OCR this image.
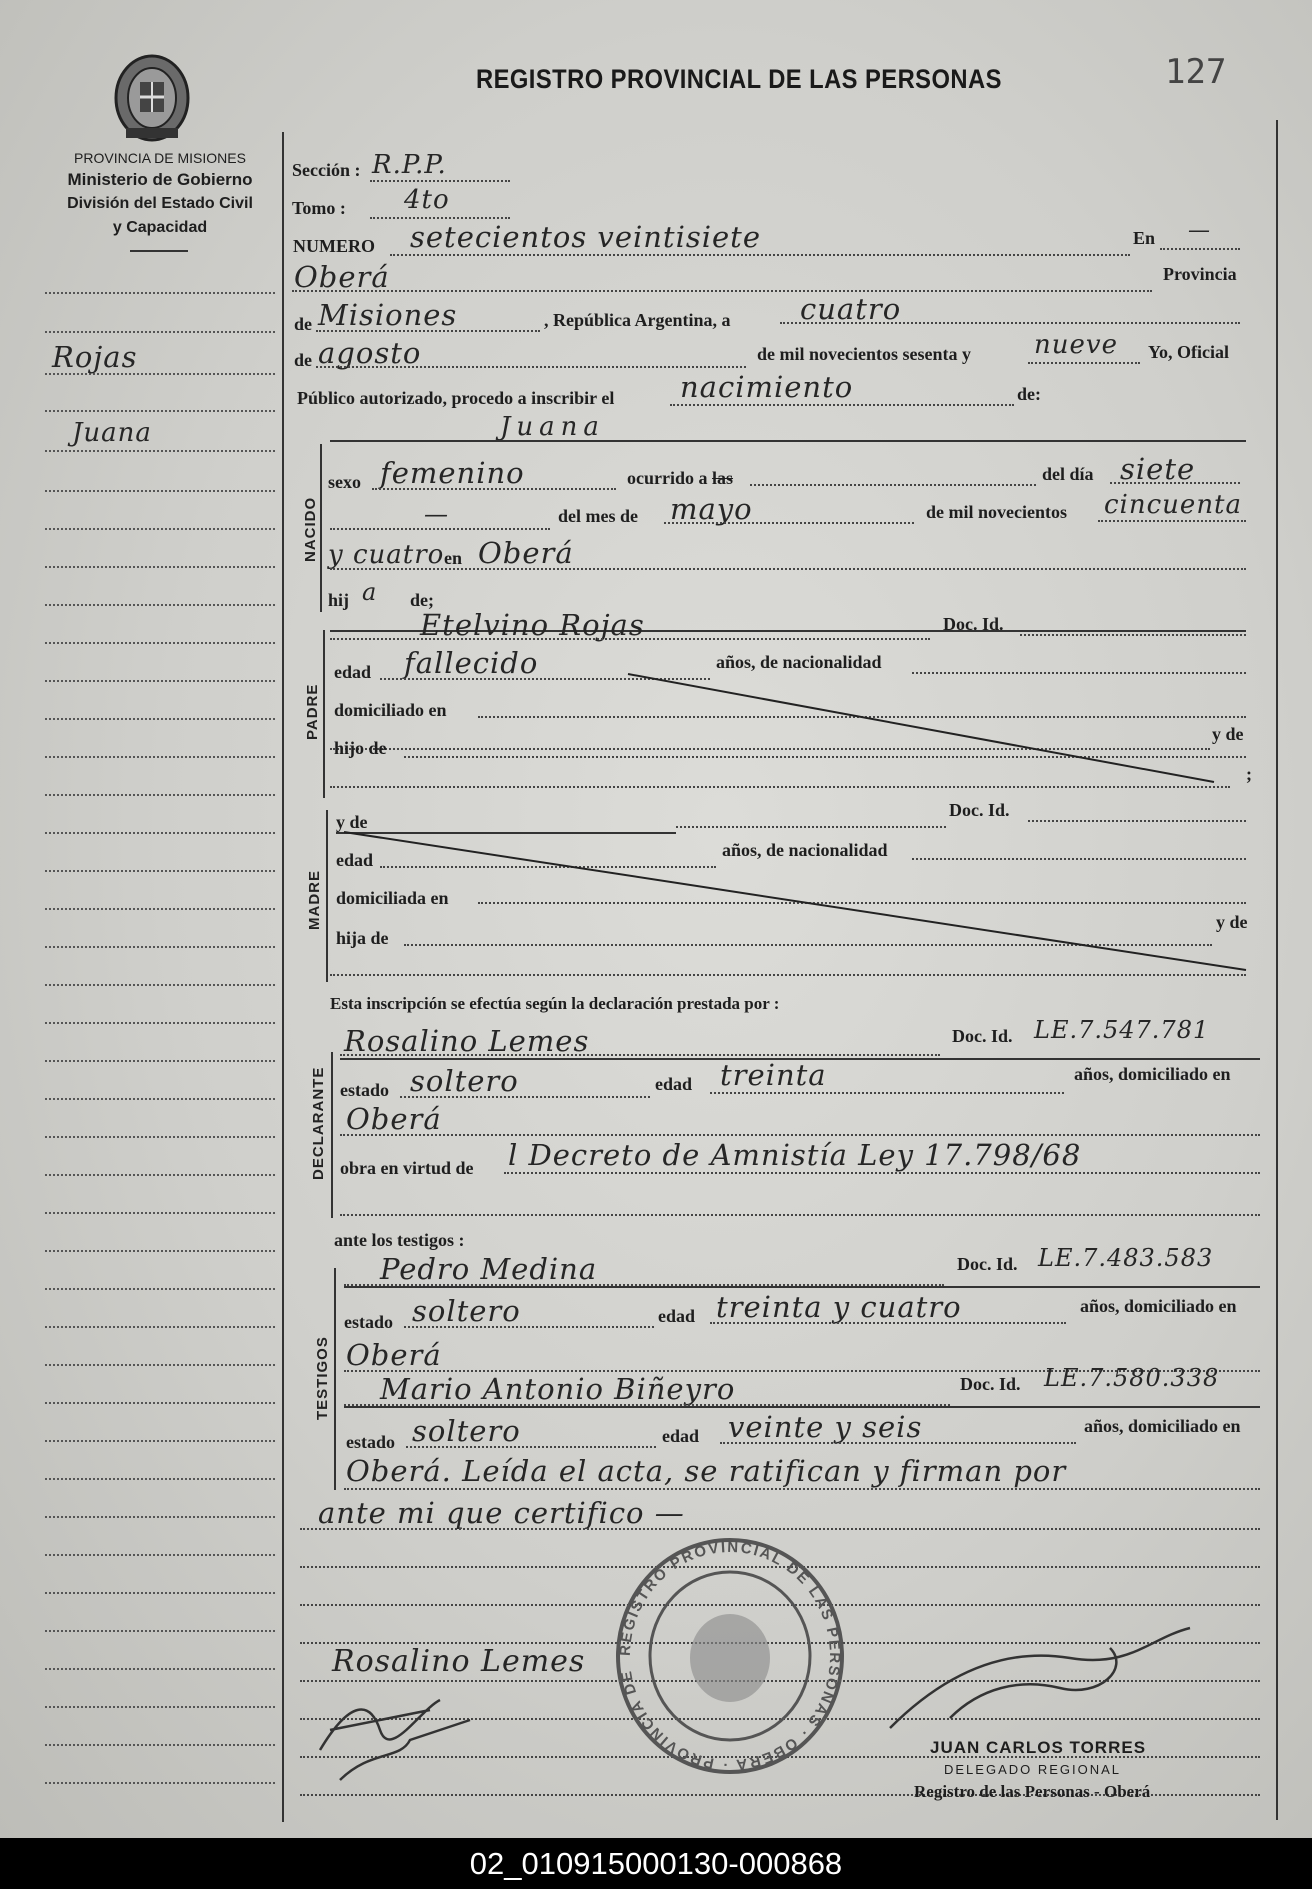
PROVINCIA DE MISIONES
Ministerio de Gobierno
División del Estado Civil
y Capacidad
REGISTRO PROVINCIAL DE LAS PERSONAS	127
Rojas
Juana
Sección : R.P.P.
Tomo : 4to
NUMERO setecientos veintisiete	En —
Oberá	Provincia
de Misiones	, República Argentina, a cuatro
de agosto	de mil novecientos sesenta y nueve Yo, Oficial
Público autorizado, procedo a inscribir el nacimiento	de:
Juana
NACIDO
sexo femenino	ocurrido a las	del día siete
—	del mes de mayo	de mil novecientos cincuenta
y cuatro en Oberá
hij a de;
PADRE
Etelvino Rojas	Doc. Id.
edad fallecido	años, de nacionalidad
domiciliado en
y de
hijo de
;
MADRE
y de
Doc. Id.
edad	años, de nacionalidad
domiciliada en
hija de
y de
Esta inscripción se efectúa según la declaración prestada por :
DECLARANTE
Rosalino Lemes	Doc. Id. LE.7.547.781
estado soltero	edad treinta	años, domiciliado en
Oberá
obra en virtud de l Decreto de Amnistía Ley 17.798/68
ante los testigos :
TESTIGOS
Pedro Medina	Doc. Id. LE.7.483.583
estado soltero	edad treinta y cuatro	años, domiciliado en
Oberá
Mario Antonio Biñeyro	Doc. Id. LE.7.580.338
estado soltero	edad veinte y seis	años, domiciliado en
Oberá. Leída el acta, se ratifican y firman por
ante mi que certifico —
REGISTRO PROVINCIAL DE LAS PERSONAS · OBERÁ · PROVINCIA DE
Rosalino Lemes
JUAN CARLOS TORRES
DELEGADO REGIONAL
Registro de las Personas - Oberá
02_010915000130-000868
